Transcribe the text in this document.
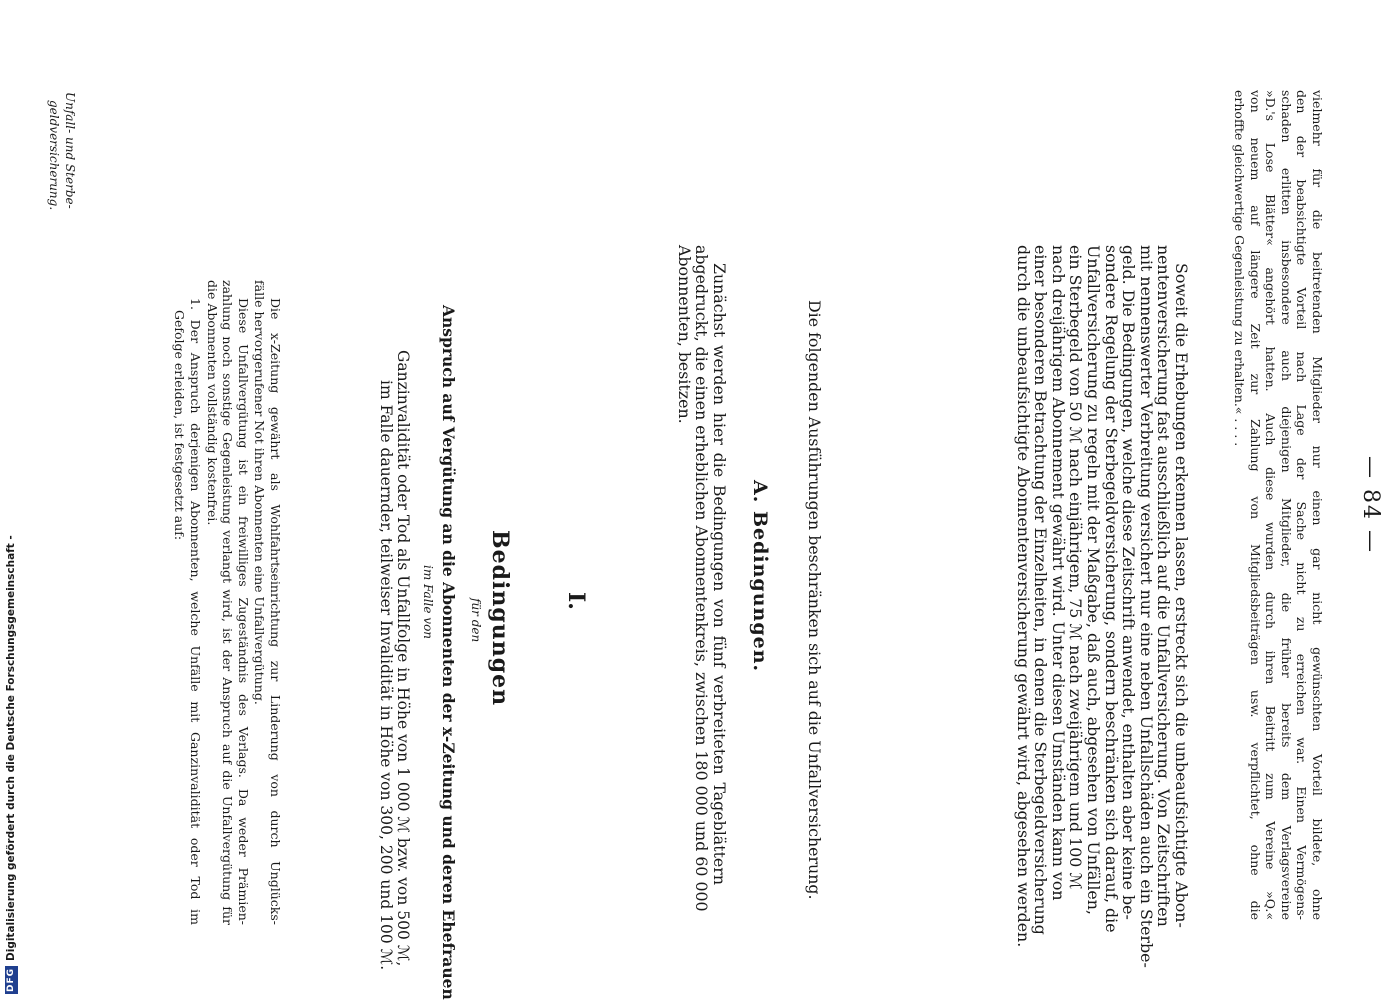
— 84 —
vielmehr für die beitretenden Mitglieder nur einen gar nicht gewünschten Vorteil bildete, ohne
den der beabsichtigte Vorteil nach Lage der Sache nicht zu erreichen war. Einen Vermögens-
schaden erlitten insbesondere auch diejenigen Mitglieder, die früher bereits dem Verlagsvereine
»D.'s Lose Blätter« angehört hatten. Auch diese wurden durch ihren Beitritt zum Vereine »Q.«
von neuem auf längere Zeit zur Zahlung von Mitgliedsbeiträgen usw. verpflichtet, ohne die
erhoffte gleichwertige Gegenleistung zu erhalten.« . . . .
Unfall- und Sterbe-
geldversicherung.
Soweit die Erhebungen erkennen lassen, erstreckt sich die unbeaufsichtigte Abon-
nentenversicherung fast ausschließlich auf die Unfallversicherung. Von Zeitschriften
mit nennenswerter Verbreitung versichert nur eine neben Unfallschäden auch ein Sterbe-
geld. Die Bedingungen, welche diese Zeitschrift anwendet, enthalten aber keine be-
sondere Regelung der Sterbegeldversicherung, sondern beschränken sich darauf, die
Unfallversicherung zu regeln mit der Maßgabe, daß auch, abgesehen von Unfällen,
ein Sterbegeld von 50 ℳ nach einjährigem, 75 ℳ nach zweijährigem und 100 ℳ
nach dreijährigem Abonnement gewährt wird. Unter diesen Umständen kann von
einer besonderen Betrachtung der Einzelheiten, in denen die Sterbegeldversicherung
durch die unbeaufsichtigte Abonnentenversicherung gewährt wird, abgesehen werden.
Die folgenden Ausführungen beschränken sich auf die Unfallversicherung.
I.	A. Bedingungen.
Zunächst werden hier die Bedingungen von fünf verbreiteten Tageblättern
abgedruckt, die einen erheblichen Abonnentenkreis, zwischen 180 000 und 60 000
Abonnenten, besitzen.
Bedingungen
für den
Anspruch auf Vergütung an die Abonnenten der x-Zeitung und deren Ehefrauen
im Falle von
Ganzinvalidität oder Tod als Unfallfolge in Höhe von 1 000 ℳ bzw. von 500 ℳ,
im Falle dauernder, teilweiser Invalidität in Höhe von 300, 200 und 100 ℳ.
Die x-Zeitung gewährt als Wohlfahrtseinrichtung zur Linderung von durch Unglücks-
fälle hervorgerufener Not ihren Abonnenten eine Unfallvergütung.
Diese Unfallvergütung ist ein freiwilliges Zugeständnis des Verlags. Da weder Prämien-
zahlung noch sonstige Gegenleistung verlangt wird, ist der Anspruch auf die Unfallvergütung für
die Abonnenten vollständig kostenfrei.
1. Der Anspruch derjenigen Abonnenten, welche Unfälle mit Ganzinvalidität oder Tod im
Gefolge erleiden, ist festgesetzt auf:
DFG
Digitalisierung gefördert durch die Deutsche Forschungsgemeinschaft -
